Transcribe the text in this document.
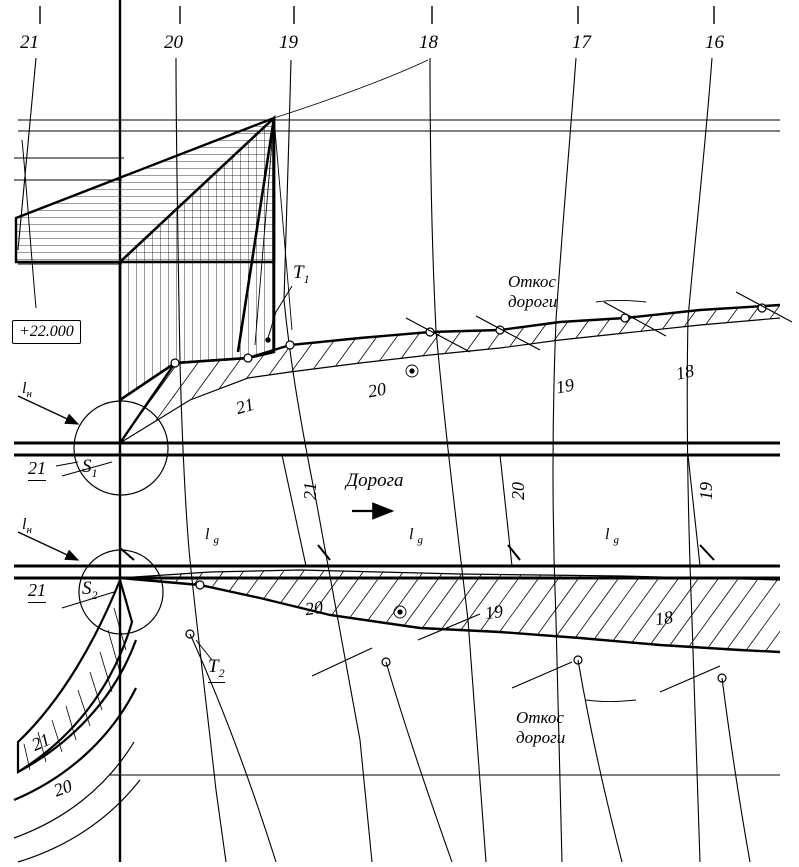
21	20	19	18	17	16
+22.000
Откос
дороги
Откос
дороги
Дорога
21
20	19
18
20	19	18
21	20	19
$T_1$
$T_2$
$S_1$
$S_2$
$l_н$
21
$l_н$
21
l $_g$	l $_g$	l $_g$
21
20
